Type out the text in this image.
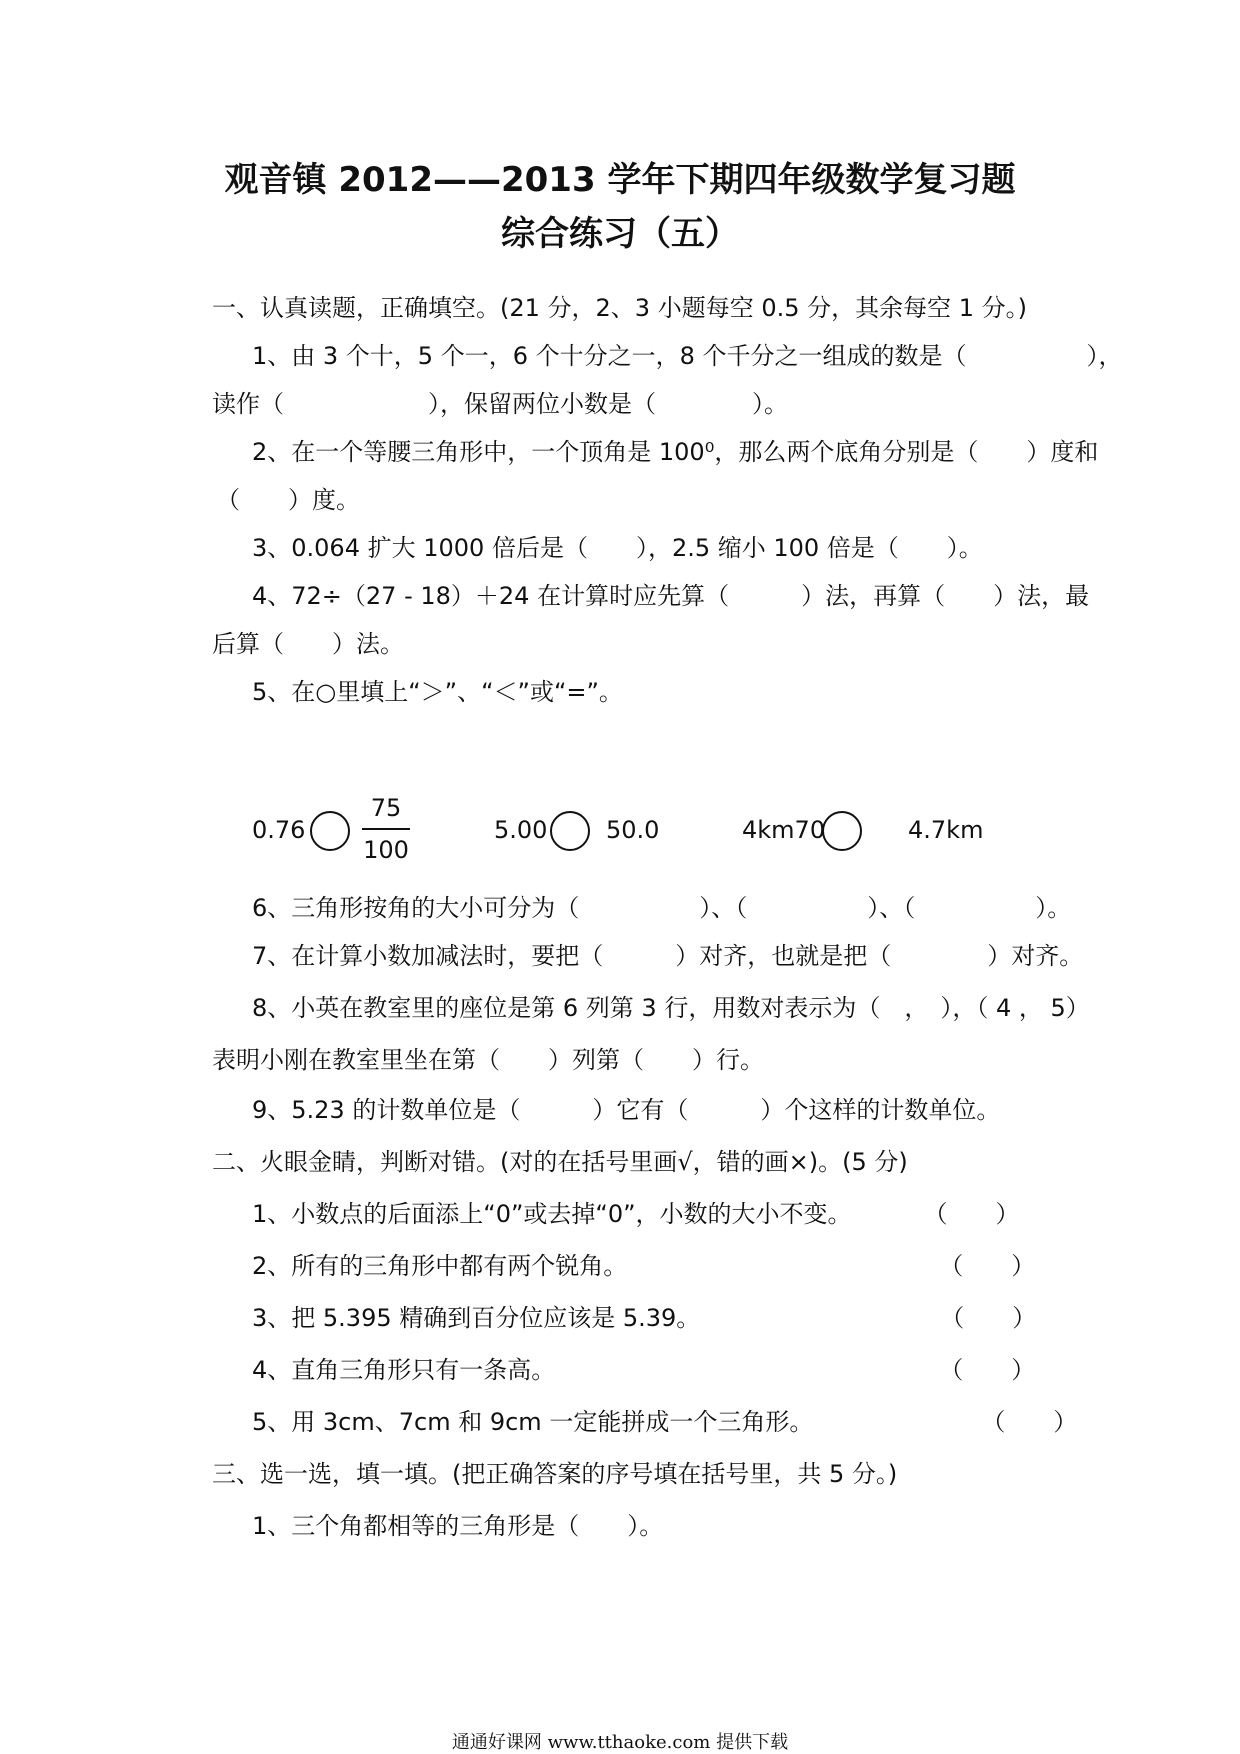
观音镇 2012——2013 学年下期四年级数学复习题
综合练习（五）
一、认真读题，正确填空。(21 分，2、3 小题每空 0.5 分，其余每空 1 分。)
1、由 3 个十，5 个一，6 个十分之一，8 个千分之一组成的数是（　　　　　），
读作（　　　　　　），保留两位小数是（　　　　）。
2、在一个等腰三角形中，一个顶角是 100⁰，那么两个底角分别是（　　）度和
（　　）度。
3、0.064 扩大 1000 倍后是（　　），2.5 缩小 100 倍是（　　）。
4、72÷（27 - 18）＋24 在计算时应先算（　　　）法，再算（　　）法，最
后算（　　）法。
5、在○里填上“＞”、“＜”或“=”。
0.76
75
100
5.00 50.0	4km70	4.7km
6、三角形按角的大小可分为（　　　　　）、（　　　　　）、（　　　　　）。
7、在计算小数加减法时，要把（　　　）对齐，也就是把（　　　　）对齐。
8、小英在教室里的座位是第 6 列第 3 行，用数对表示为（　，　），（ 4 ， 5）
表明小刚在教室里坐在第（　　）列第（　　）行。
9、5.23 的计数单位是（　　　）它有（　　　）个这样的计数单位。
二、火眼金睛，判断对错。(对的在括号里画√，错的画×)。(5 分)
1、小数点的后面添上“0”或去掉“0”，小数的大小不变。　　　　（　　）
2、所有的三角形中都有两个锐角。　　　　　　　　　　　　　　（　　）
3、把 5.395 精确到百分位应该是 5.39。　　　　　　　　　　　（　　）
4、直角三角形只有一条高。　　　　　　　　　　　　　　　　　（　　）
5、用 3cm、7cm 和 9cm 一定能拼成一个三角形。　　　　　　　　（　　）
三、选一选，填一填。(把正确答案的序号填在括号里，共 5 分。)
1、三个角都相等的三角形是（　　）。
通通好课网 www.tthaoke.com 提供下载
